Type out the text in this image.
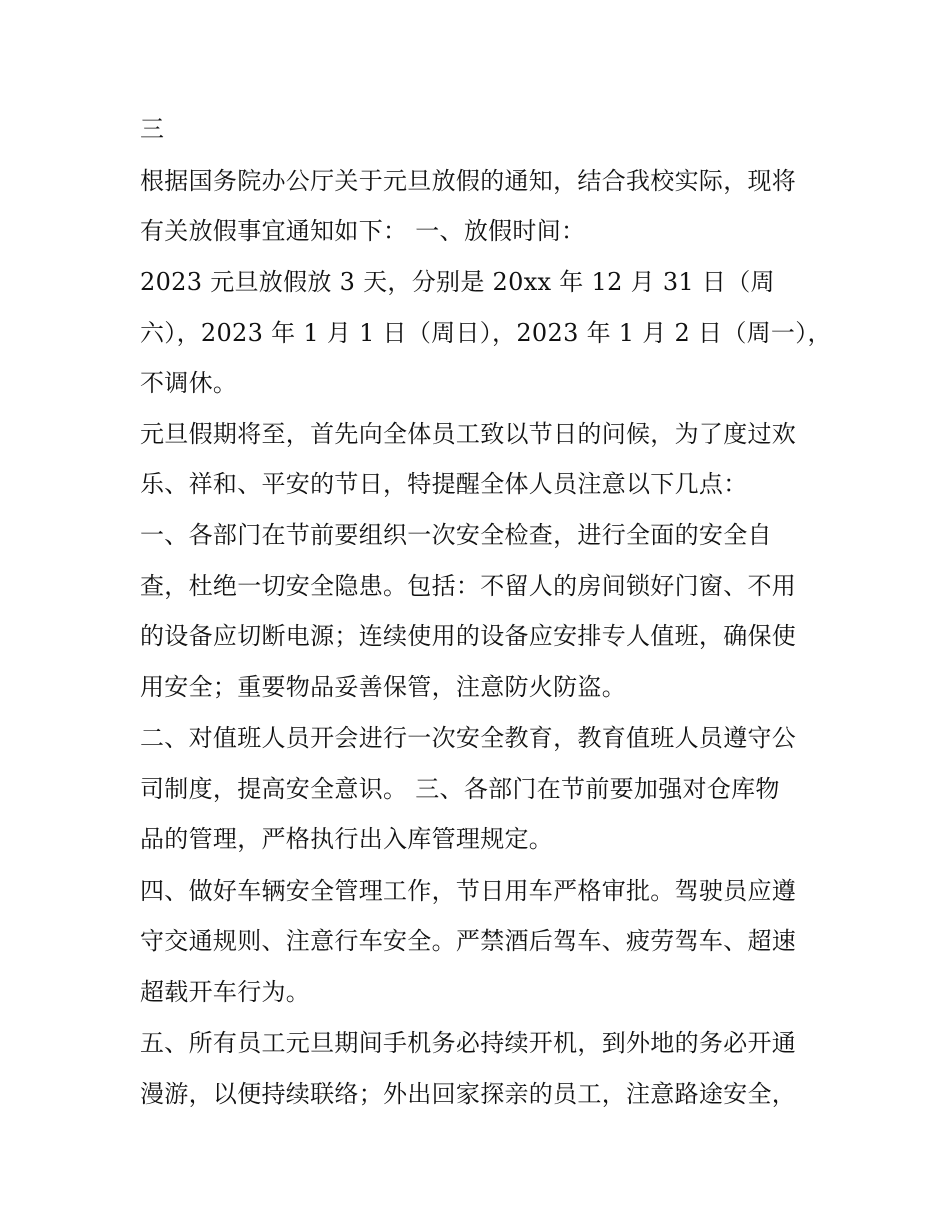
三
根据国务院办公厅关于元旦放假的通知，结合我校实际，现将
有关放假事宜通知如下： 一、放假时间：
2023 元旦放假放 3 天，分别是 20xx 年 12 月 31 日（周
六），2023 年 1 月 1 日（周日），2023 年 1 月 2 日（周一），
不调休。
元旦假期将至，首先向全体员工致以节日的问候，为了度过欢
乐、祥和、平安的节日，特提醒全体人员注意以下几点：
一、各部门在节前要组织一次安全检查，进行全面的安全自
查，杜绝一切安全隐患。包括：不留人的房间锁好门窗、不用
的设备应切断电源；连续使用的设备应安排专人值班，确保使
用安全；重要物品妥善保管，注意防火防盗。
二、对值班人员开会进行一次安全教育，教育值班人员遵守公
司制度，提高安全意识。 三、各部门在节前要加强对仓库物
品的管理，严格执行出入库管理规定。
四、做好车辆安全管理工作，节日用车严格审批。驾驶员应遵
守交通规则、注意行车安全。严禁酒后驾车、疲劳驾车、超速
超载开车行为。
五、所有员工元旦期间手机务必持续开机，到外地的务必开通
漫游，以便持续联络；外出回家探亲的员工，注意路途安全，
